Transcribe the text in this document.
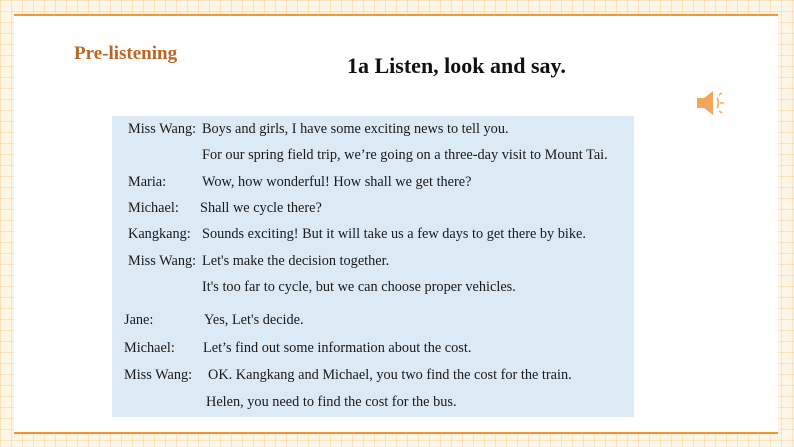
Pre-listening	1a Listen, look and say.
Miss Wang: Boys and girls, I have some exciting news to tell you.
For our spring field trip, we’re going on a three-day visit to Mount Tai.
Maria:	Wow, how wonderful! How shall we get there?
Michael: Shall we cycle there?
Kangkang: Sounds exciting! But it will take us a few days to get there by bike.
Miss Wang: Let's make the decision together.
It's too far to cycle, but we can choose proper vehicles.
Jane:	Yes, Let's decide.
Michael: Let’s find out some information about the cost.
Miss Wang: OK. Kangkang and Michael, you two find the cost for the train.
Helen, you need to find the cost for the bus.
